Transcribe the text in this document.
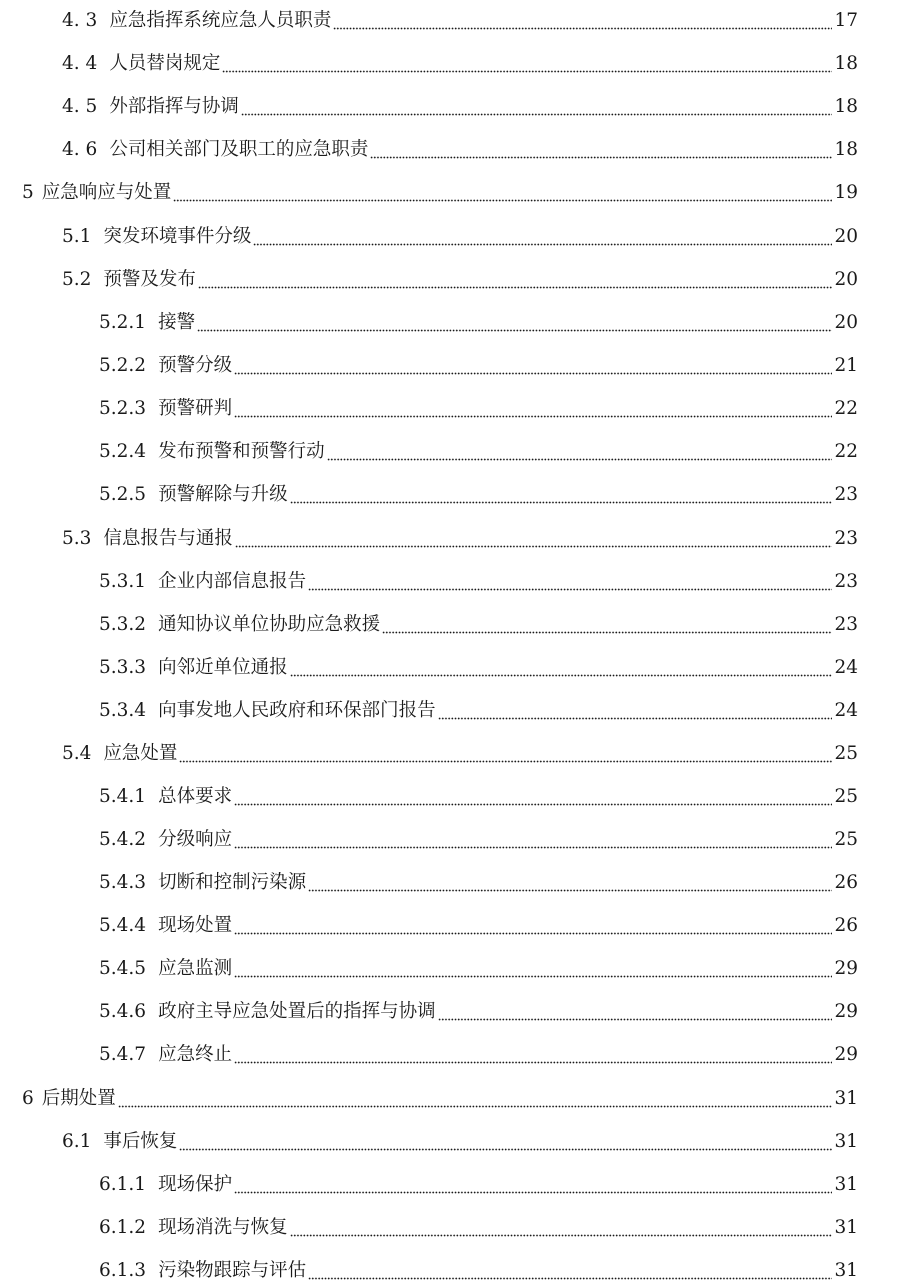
4. 3 应急指挥系统应急人员职责	17
4. 4 人员替岗规定	18
4. 5 外部指挥与协调	18
4. 6 公司相关部门及职工的应急职责	18
5 应急响应与处置	19
5.1 突发环境事件分级	20
5.2 预警及发布	20
5.2.1 接警	20
5.2.2 预警分级	21
5.2.3 预警研判	22
5.2.4 发布预警和预警行动	22
5.2.5 预警解除与升级	23
5.3 信息报告与通报	23
5.3.1 企业内部信息报告	23
5.3.2 通知协议单位协助应急救援	23
5.3.3 向邻近单位通报	24
5.3.4 向事发地人民政府和环保部门报告	24
5.4 应急处置	25
5.4.1 总体要求	25
5.4.2 分级响应	25
5.4.3 切断和控制污染源	26
5.4.4 现场处置	26
5.4.5 应急监测	29
5.4.6 政府主导应急处置后的指挥与协调	29
5.4.7 应急终止	29
6 后期处置	31
6.1 事后恢复	31
6.1.1 现场保护	31
6.1.2 现场消洗与恢复	31
6.1.3 污染物跟踪与评估	31
